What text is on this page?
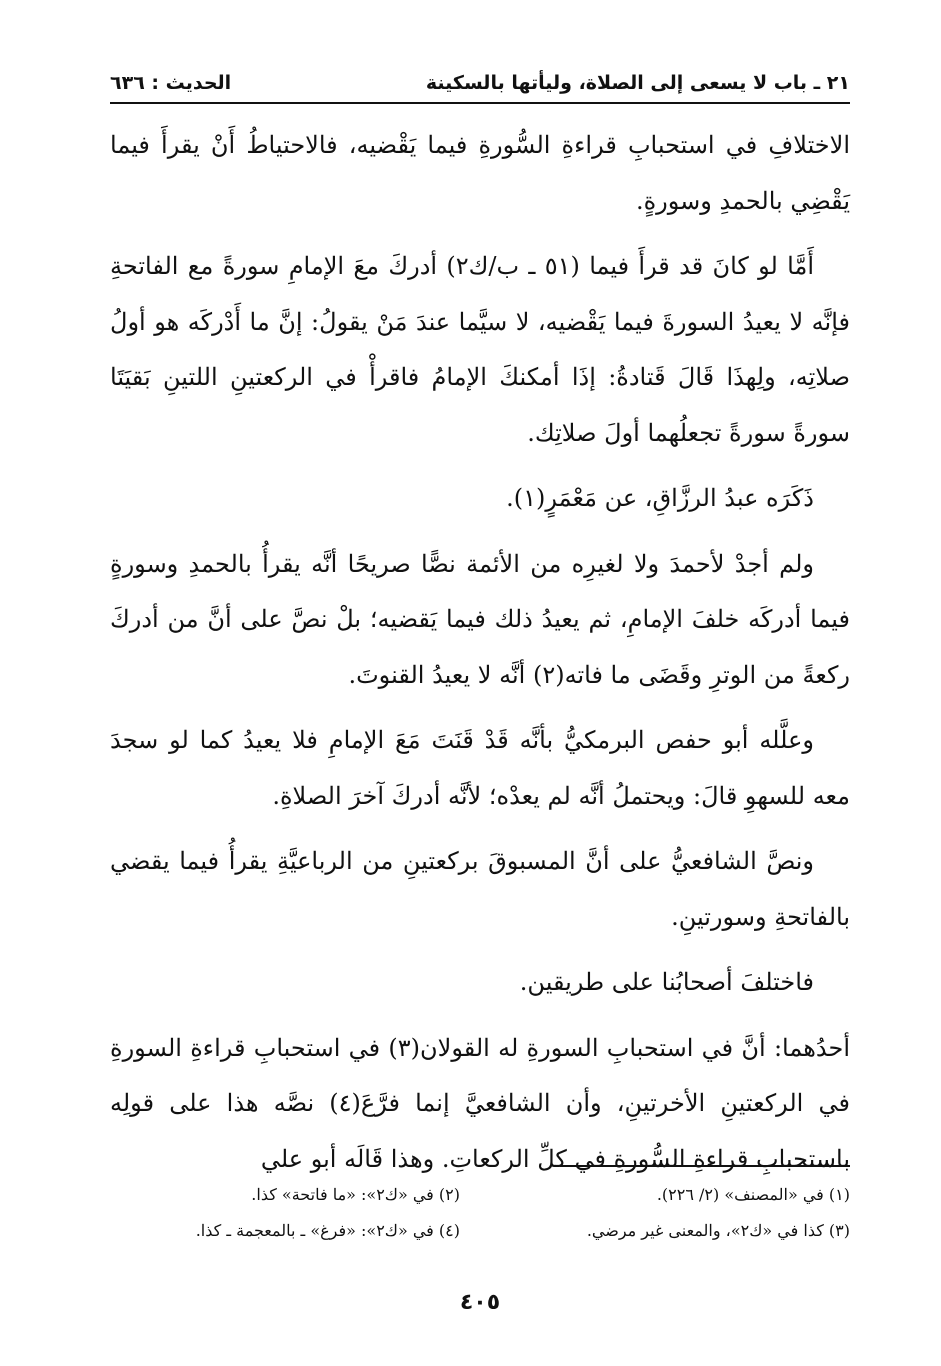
٢١ ـ باب لا يسعى إلى الصلاة، وليأتها بالسكينة
الحديث : ٦٣٦

الاختلافِ في استحبابِ قراءةِ السُّورةِ فيما يَقْضيه، فالاحتياطُ أَنْ يقرأَ فيما يَقْضِي بالحمدِ وسورةٍ.

أَمَّا لو كانَ قد قرأَ فيما (٥١ ـ ب/ك٢) أدركَ معَ الإمامِ سورةً مع الفاتحةِ فإنَّه لا يعيدُ السورةَ فيما يَقْضيه، لا سيَّما عندَ مَنْ يقولُ: إنَّ ما أَدْركَه هو أولُ صلاتِه، ولِهذَا قَالَ قَتادةُ: إذَا أمكنكَ الإمامُ فاقرأْ في الركعتينِ اللتينِ بَقيَتَا سورةً سورةً تجعلُهما أولَ صلاتِك.

ذَكَرَه عبدُ الرزَّاقِ، عن مَعْمَرٍ(١).

ولم أجدْ لأحمدَ ولا لغيرِه من الأئمة نصًّا صريحًا أنَّه يقرأُ بالحمدِ وسورةٍ فيما أدركَه خلفَ الإمامِ، ثم يعيدُ ذلك فيما يَقضيه؛ بلْ نصَّ على أنَّ من أدركَ ركعةً من الوترِ وقَضَى ما فاته(٢) أنَّه لا يعيدُ القنوتَ.

وعلَّله أبو حفص البرمكيُّ بأنَّه قَدْ قَنَتَ مَعَ الإمامِ فلا يعيدُ كما لو سجدَ معه للسهوِ قالَ: ويحتملُ أنَّه لم يعدْه؛ لأنَّه أدركَ آخرَ الصلاةِ.

ونصَّ الشافعيُّ على أنَّ المسبوقَ بركعتينِ من الرباعيَّةِ يقرأُ فيما يقضي بالفاتحةِ وسورتينِ.

فاختلفَ أصحابُنا على طريقين.

أحدُهما: أنَّ في استحبابِ السورةِ له القولان(٣) في استحبابِ قراءةِ السورةِ في الركعتينِ الأخرتينِ، وأن الشافعيَّ إنما فرَّعَ(٤) نصَّه هذا على قولِه باستحبابِ قراءةِ السُّورةِ في كلِّ الركعاتِ. وهذا قَالَه أبو علي

(١) في «المصنف» (٢/ ٢٢٦).
(٢) في «ك٢»: «ما فاتحة» كذا.
(٣) كذا في «ك٢»، والمعنى غير مرضي.
(٤) في «ك٢»: «فرغ» ـ بالمعجمة ـ كذا.
٤٠٥
